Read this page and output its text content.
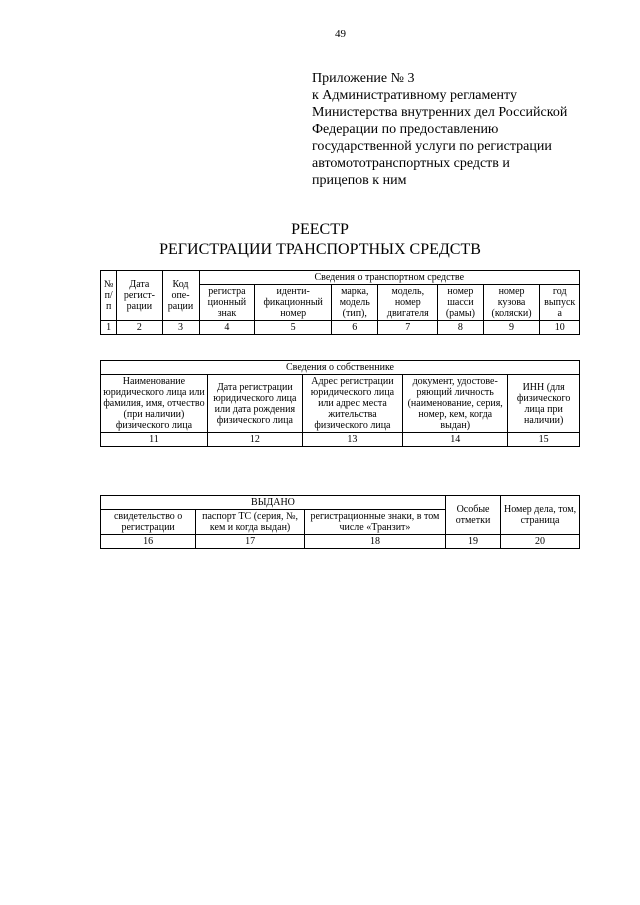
49
Приложение № 3
к Административному регламенту
Министерства внутренних дел Российской
Федерации по предоставлению
государственной услуги по регистрации
автомототранспортных средств и
прицепов к ним
РЕЕСТР
РЕГИСТРАЦИИ ТРАНСПОРТНЫХ СРЕДСТВ
№ п/п	Дата регист-рации	Код опе-рации	Сведения о транспортном средстве						
			регистра ционный знак	иденти-фикационный номер	марка, модель (тип),	модель, номер двигателя	номер шасси (рамы)	номер кузова (коляски)	год выпуск а
1	2	3	4	5	6	7	8	9	10
Сведения о собственнике				
Наименование юридического лица или фамилия, имя, отчество (при наличии) физического лица	Дата регистрации юридического лица или дата рождения физического лица	Адрес регистрации юридического лица или адрес места жительства физического лица	документ, удостове-ряющий личность (наименование, серия, номер, кем, когда выдан)	ИНН (для физического лица при наличии)
11	12	13	14	15
ВЫДАНО			Особые отметки	Номер дела, том, страница
свидетельство о регистрации	паспорт ТС (серия, №, кем и когда выдан)	регистрационные знаки, в том числе «Транзит»		
16	17	18	19	20
